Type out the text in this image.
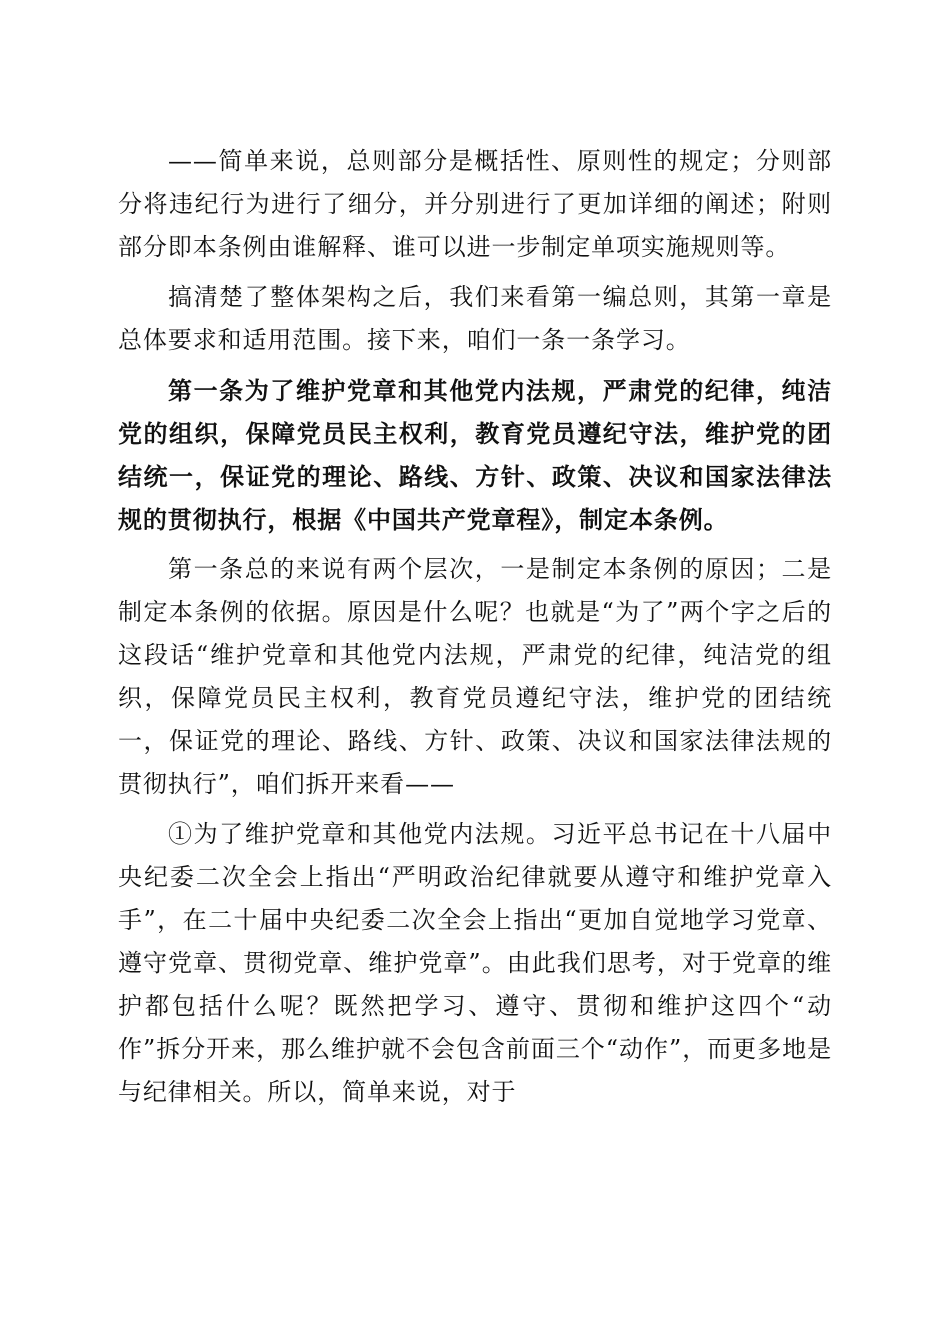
——简单来说，总则部分是概括性、原则性的规定；分则部分将违纪行为进行了细分，并分别进行了更加详细的阐述；附则部分即本条例由谁解释、谁可以进一步制定单项实施规则等。

搞清楚了整体架构之后，我们来看第一编总则，其第一章是总体要求和适用范围。接下来，咱们一条一条学习。

第一条为了维护党章和其他党内法规，严肃党的纪律，纯洁党的组织，保障党员民主权利，教育党员遵纪守法，维护党的团结统一，保证党的理论、路线、方针、政策、决议和国家法律法规的贯彻执行，根据《中国共产党章程》，制定本条例。

第一条总的来说有两个层次，一是制定本条例的原因；二是制定本条例的依据。原因是什么呢？也就是“为了”两个字之后的这段话“维护党章和其他党内法规，严肃党的纪律，纯洁党的组织，保障党员民主权利，教育党员遵纪守法，维护党的团结统一，保证党的理论、路线、方针、政策、决议和国家法律法规的贯彻执行”，咱们拆开来看——

①为了维护党章和其他党内法规。习近平总书记在十八届中央纪委二次全会上指出“严明政治纪律就要从遵守和维护党章入手”，在二十届中央纪委二次全会上指出“更加自觉地学习党章、遵守党章、贯彻党章、维护党章”。由此我们思考，对于党章的维护都包括什么呢？既然把学习、遵守、贯彻和维护这四个“动作”拆分开来，那么维护就不会包含前面三个“动作”，而更多地是与纪律相关。所以，简单来说，对于
